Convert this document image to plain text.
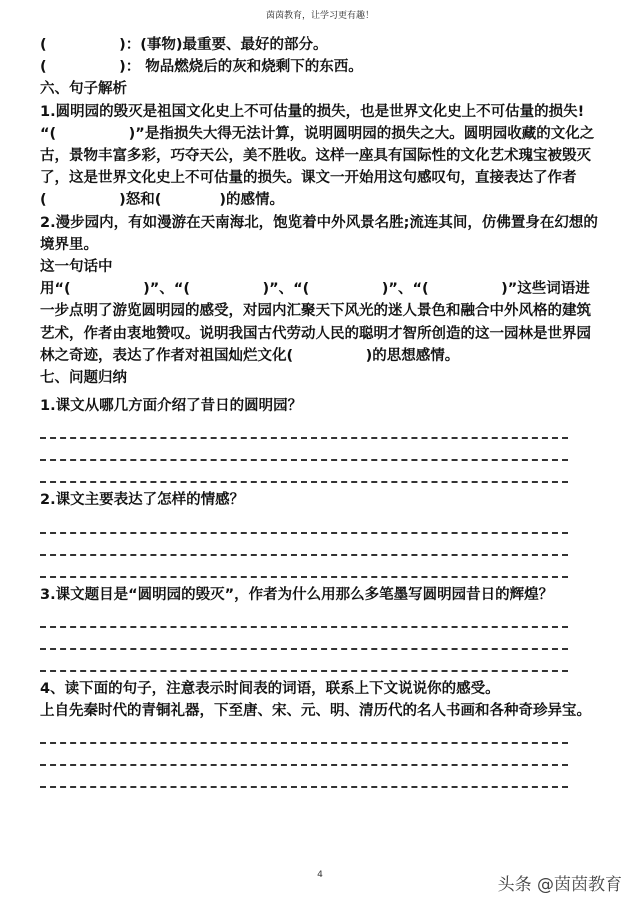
茵茵教育，让学习更有趣！

(　　　　　)：(事物)最重要、最好的部分。

(　　　　　)： 物品燃烧后的灰和烧剩下的东西。

六、句子解析

1.圆明园的毁灭是祖国文化史上不可估量的损失，也是世界文化史上不可估量的损失!

“(　　　　　)”是指损失大得无法计算，说明圆明园的损失之大。圆明园收藏的文化之古，景物丰富多彩，巧夺天公，美不胜收。这样一座具有国际性的文化艺术瑰宝被毁灭了，这是世界文化史上不可估量的损失。课文一开始用这句感叹句，直接表达了作者(　　　　　)怒和(　　　　)的感情。

2.漫步园内，有如漫游在天南海北，饱览着中外风景名胜;流连其间，仿佛置身在幻想的境界里。

这一句话中用“(　　　　　)”、“(　　　　　)”、“(　　　　　)”、“(　　　　　)”这些词语进一步点明了游览圆明园的感受，对园内汇聚天下风光的迷人景色和融合中外风格的建筑艺术，作者由衷地赞叹。说明我国古代劳动人民的聪明才智所创造的这一园林是世界园林之奇迹，表达了作者对祖国灿烂文化(　　　　　)的思想感情。

七、问题归纳

1.课文从哪几方面介绍了昔日的圆明园？

2.课文主要表达了怎样的情感？

3.课文题目是“圆明园的毁灭”，作者为什么用那么多笔墨写圆明园昔日的辉煌？

4、读下面的句子，注意表示时间表的词语，联系上下文说说你的感受。

上自先秦时代的青铜礼器，下至唐、宋、元、明、清历代的名人书画和各种奇珍异宝。

4	头条 @茵茵教育
